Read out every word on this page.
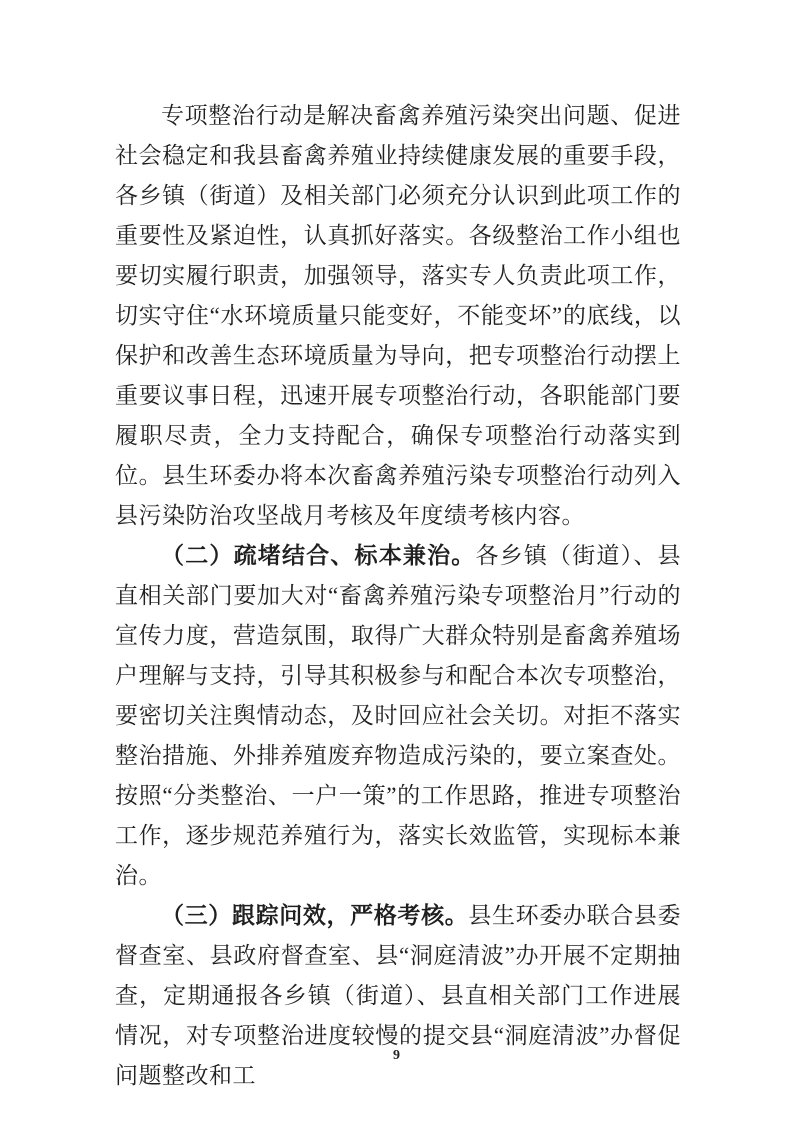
专项整治行动是解决畜禽养殖污染突出问题、促进社会稳定和我县畜禽养殖业持续健康发展的重要手段，各乡镇（街道）及相关部门必须充分认识到此项工作的重要性及紧迫性，认真抓好落实。各级整治工作小组也要切实履行职责，加强领导，落实专人负责此项工作，切实守住“水环境质量只能变好，不能变坏”的底线，以保护和改善生态环境质量为导向，把专项整治行动摆上重要议事日程，迅速开展专项整治行动，各职能部门要履职尽责，全力支持配合，确保专项整治行动落实到位。县生环委办将本次畜禽养殖污染专项整治行动列入县污染防治攻坚战月考核及年度绩考核内容。

（二）疏堵结合、标本兼治。各乡镇（街道）、县直相关部门要加大对“畜禽养殖污染专项整治月”行动的宣传力度，营造氛围，取得广大群众特别是畜禽养殖场户理解与支持，引导其积极参与和配合本次专项整治，要密切关注舆情动态，及时回应社会关切。对拒不落实整治措施、外排养殖废弃物造成污染的，要立案查处。按照“分类整治、一户一策”的工作思路，推进专项整治工作，逐步规范养殖行为，落实长效监管，实现标本兼治。

（三）跟踪问效，严格考核。县生环委办联合县委督查室、县政府督查室、县“洞庭清波”办开展不定期抽查，定期通报各乡镇（街道）、县直相关部门工作进展情况，对专项整治进度较慢的提交县“洞庭清波”办督促问题整改和工

9
